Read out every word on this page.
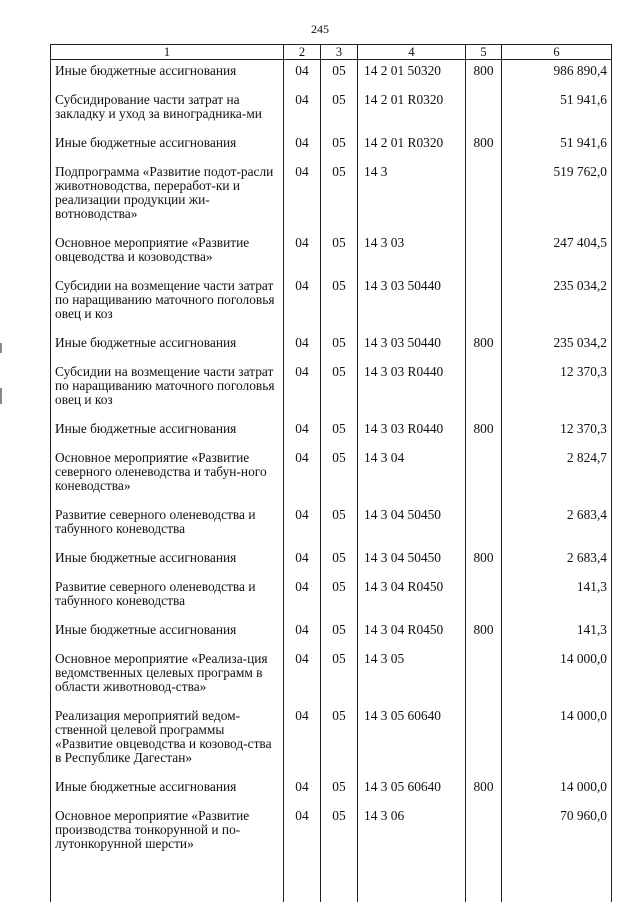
245
1	2	3	4	5	6
Иные бюджетные ассигнования	04	05	14 2 01 50320	800	986 890,4
Субсидирование части затрат на закладку и уход за виноградника-ми	04	05	14 2 01 R0320		51 941,6
Иные бюджетные ассигнования	04	05	14 2 01 R0320	800	51 941,6
Подпрограмма «Развитие подот-расли животноводства, переработ-ки и реализации продукции жи-вотноводства»	04	05	14 3		519 762,0
Основное мероприятие «Развитие овцеводства и козоводства»	04	05	14 3 03		247 404,5
Субсидии на возмещение части затрат по наращиванию маточного поголовья овец и коз	04	05	14 3 03 50440		235 034,2
Иные бюджетные ассигнования	04	05	14 3 03 50440	800	235 034,2
Субсидии на возмещение части затрат по наращиванию маточного поголовья овец и коз	04	05	14 3 03 R0440		12 370,3
Иные бюджетные ассигнования	04	05	14 3 03 R0440	800	12 370,3
Основное мероприятие «Развитие северного оленеводства и табун-ного коневодства»	04	05	14 3 04		2 824,7
Развитие северного оленеводства и табунного коневодства	04	05	14 3 04 50450		2 683,4
Иные бюджетные ассигнования	04	05	14 3 04 50450	800	2 683,4
Развитие северного оленеводства и табунного коневодства	04	05	14 3 04 R0450		141,3
Иные бюджетные ассигнования	04	05	14 3 04 R0450	800	141,3
Основное мероприятие «Реализа-ция ведомственных целевых программ в области животновод-ства»	04	05	14 3 05		14 000,0
Реализация мероприятий ведом-ственной целевой программы «Развитие овцеводства и козовод-ства в Республике Дагестан»	04	05	14 3 05 60640		14 000,0
Иные бюджетные ассигнования	04	05	14 3 05 60640	800	14 000,0
Основное мероприятие «Развитие производства тонкорунной и по-лутонкорунной шерсти»	04	05	14 3 06		70 960,0
